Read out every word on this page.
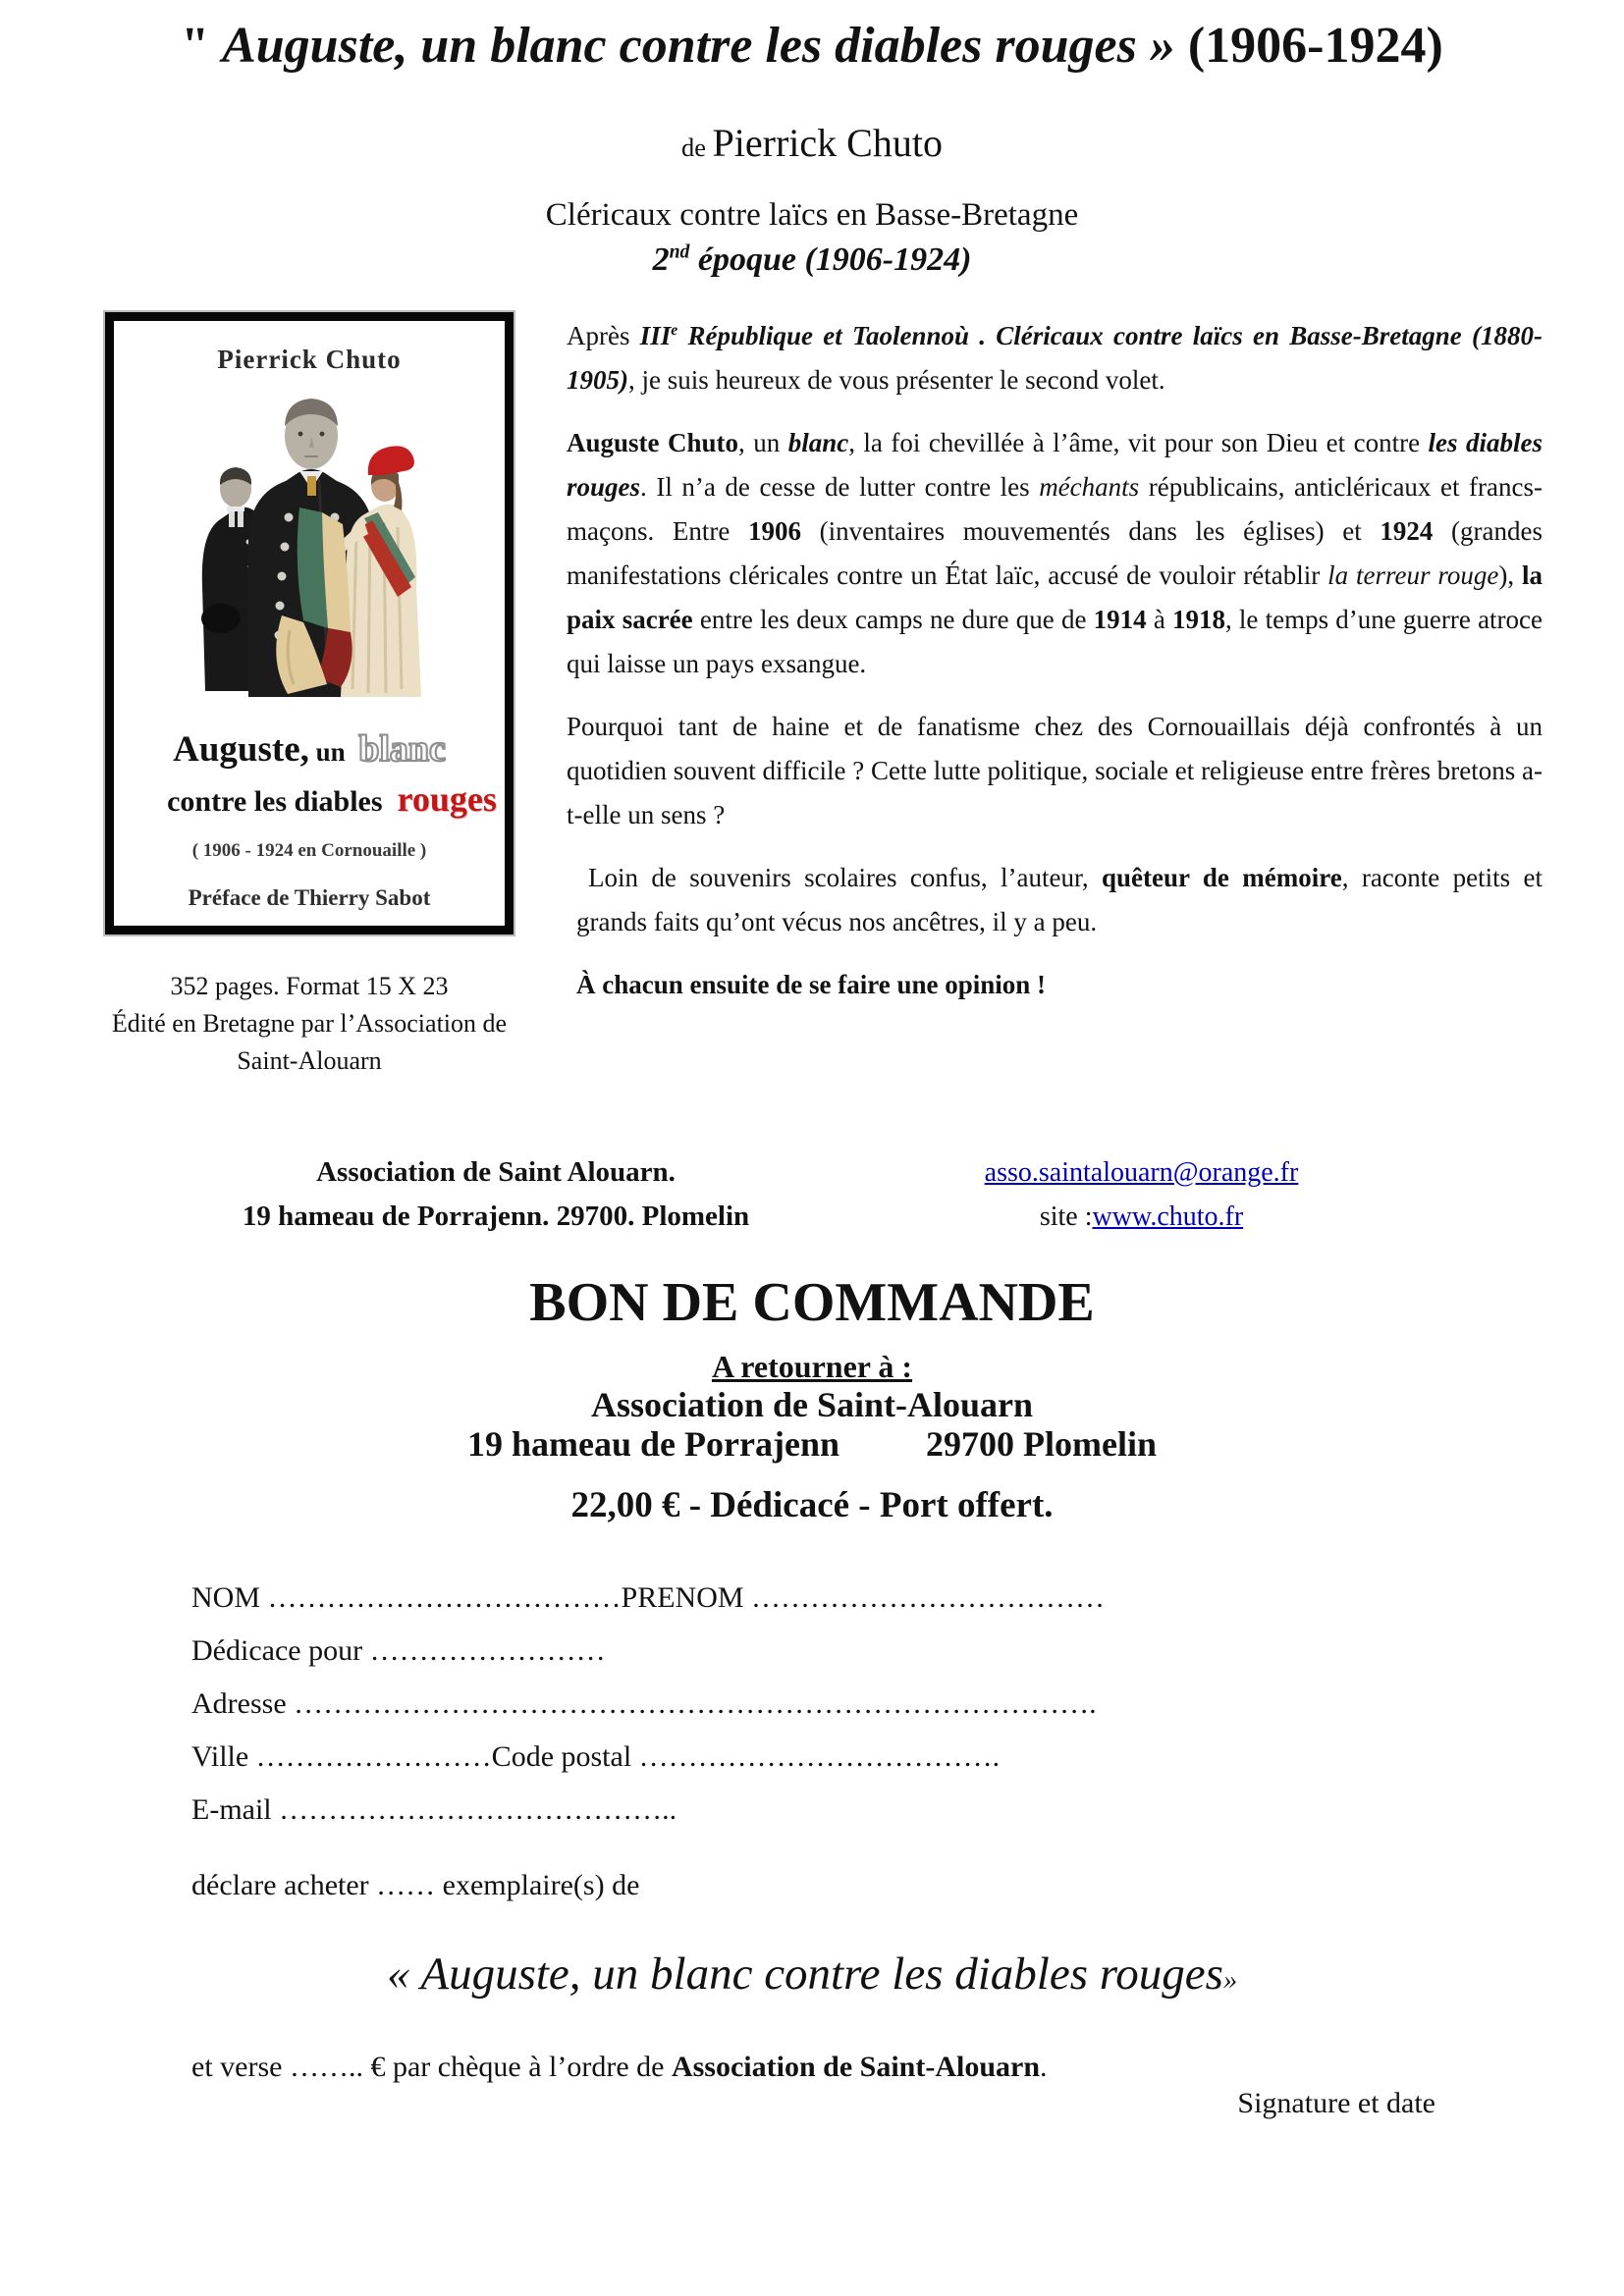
" Auguste, un blanc contre les diables rouges » (1906-1924)
de Pierrick Chuto
Cléricaux contre laïcs en Basse-Bretagne
2nd époque (1906-1924)
Pierrick Chuto
Auguste, un  blanc
contre les diables  rouges
( 1906 - 1924 en Cornouaille )
Préface de Thierry Sabot
352 pages. Format 15 X 23
Édité en Bretagne par l’Association de
Saint-Alouarn

Après IIIe République et Taolennoù . Cléricaux contre laïcs en Basse-Bretagne (1880-1905), je suis heureux de vous présenter le second volet.

Auguste Chuto, un blanc, la foi chevillée à l’âme, vit pour son Dieu et contre les diables rouges. Il n’a de cesse de lutter contre les méchants républicains, anticléricaux et francs-maçons. Entre 1906 (inventaires mouvementés dans les églises) et 1924 (grandes manifestations cléricales contre un État laïc, accusé de vouloir rétablir la terreur rouge), la paix sacrée entre les deux camps ne dure que de 1914 à 1918, le temps d’une guerre atroce qui laisse un pays exsangue.

Pourquoi tant de haine et de fanatisme chez des Cornouaillais déjà confrontés à un quotidien souvent difficile ? Cette lutte politique, sociale et religieuse entre frères bretons a-t-elle un sens ?

Loin de souvenirs scolaires confus, l’auteur, quêteur de mémoire, raconte petits et grands faits qu’ont vécus nos ancêtres, il y a peu.

À chacun ensuite de se faire une opinion !

Association de Saint Alouarn.
19 hameau de Porrajenn. 29700. Plomelin
asso.saintalouarn@orange.fr
site :www.chuto.fr
BON DE COMMANDE
A retourner à :
Association de Saint-Alouarn
19 hameau de Porrajenn 29700 Plomelin
22,00 € - Dédicacé - Port offert.
NOM ………………………………PRENOM ………………………………
Dédicace pour ……………………
Adresse ……………………………………………………………………….
Ville ……………………Code postal ……………………………….
E-mail …………………………………..
déclare acheter …… exemplaire(s) de
« Auguste, un blanc contre les diables rouges»
et verse …….. € par chèque à l’ordre de Association de Saint-Alouarn.
Signature et date
